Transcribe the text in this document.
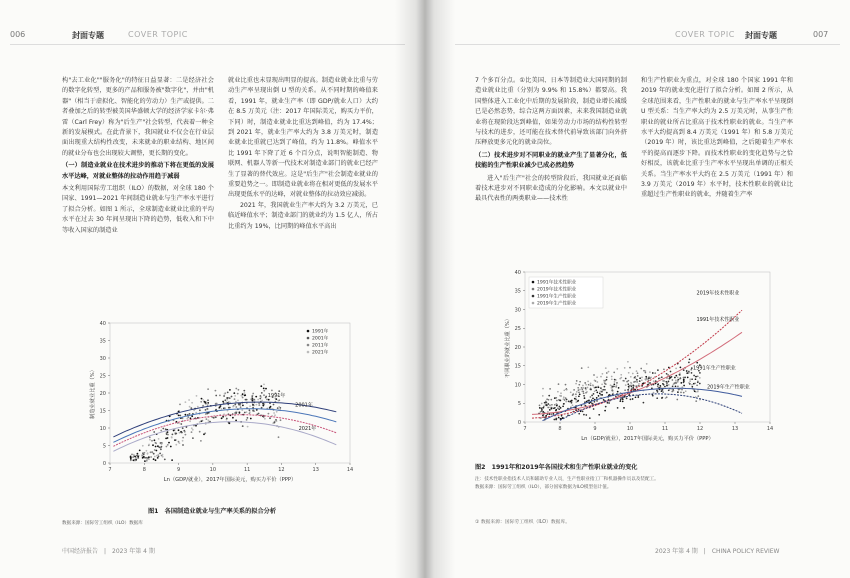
006	封面专题	COVER TOPIC

构"去工业化""服务化"的特征日益显著：二是经济社会的数字化转型，更多的产品和服务被"数字化"，并由"机器"（相当于虚拟化、智能化的劳动力）生产或提供。二者叠加之后的转型被美国华盛顿大学的经济学家卡尔·弗雷（Carl Frey）称为"后生产"社会转型，代表着一种全新的发展模式。在此背景下，我国就业不仅会在行业层面出现重大结构性改变，未来就业的职业结构、地区间的就业分布也会出现较大调整，更长期的变化。

（一）制造业就业在技术进步的推动下将在更低的发展水平达峰，对就业整体的拉动作用趋于减弱

本文利用国际劳工组织（ILO）的数据，对全球 180 个国家、1991—2021 年间制造业就业与生产率水平进行了拟合分析。如图 1 所示，全球制造业就业比重的平均水平在过去 30 年间呈现出下降的趋势，低收入和下中等收入国家的制造业

就业比重也未显现出明显的提高。制造业就业比重与劳动生产率呈现出倒 U 型的关系。从不同时期的峰值来看，1991 年，就业生产率（即 GDP/就业人口）大约在 8.5 万美元（注：2017 年国际美元，购买力平价，下同）时，制造业就业比重达到峰值，约为 17.4%；到 2021 年，就业生产率大约为 3.8 万美元时，制造业就业比重就已达到了峰值，约为 11.8%。峰值水平比 1991 年下降了近 6 个百分点，说明智能制造、物联网、机器人等新一代技术对制造业部门的就业已经产生了显著的替代效应。这是"后生产"社会制造业就业的重要趋势之一。即制造业就业将在相对更低的发展水平出现更低水平的达峰，对就业整体的拉动效应减弱。

2021 年，我国就业生产率大约为 3.2 万美元，已临近峰值水平；制造业部门的就业约为 1.5 亿人，所占比重约为 19%，比同期的峰值水平高出

7	8	9	10	11	12	13	14
0
5
10
15
20
25
30
35
40
Ln（GDP/就业），2017年国际美元，购买力平价（PPP）
制造业就业比重（%）	1991年
2001年
2021年
1991年
2001年
2011年
2021年
图1　各国制造业就业与生产率关系的拟合分析
数据来源：国际劳工组织（ILO）数据库
中国经济报告　|　2023 年第 4 期
COVER TOPIC 封面专题	007

7 个多百分点。①比美国、日本等制造业大国同期的制造业就业比重（分别为 9.9% 和 15.8%）都要高。我国整体进入工业化中后期的发展阶段，制造业增长减缓已是必然态势，综合这两方面因素，未来我国制造业就业将在现阶段达到峰值，如果劳动力市场的结构性转型与技术的进步，还可能在技术替代前导致该部门向外挤压释放更多元化的就业岗位。

（二）技术进步对不同职业的就业产生了显著分化，低技能的生产性职业减少已成必然趋势

进入"后生产"社会的转型阶段后，我国就业还面临着技术进步对不同职业造成的分化影响。本文以就业中最具代表性的两类职业——技术性

和生产性职业为重点，对全球 180 个国家 1991 年和 2019 年的就业变化进行了拟合分析。如图 2 所示，从全球范围来看，生产性职业的就业与生产率水平呈现倒 U 型关系：当生产率大约为 2.5 万美元时，从事生产性职业的就业所占比重高于技术性职业的就业。当生产率水平大约提高到 8.4 万美元（1991 年）和 5.8 万美元（2019 年）时，该比重达到峰值，之后随着生产率水平的提高而逐步下降。而技术性职业的变化趋势与之恰好相反，该就业比重于生产率水平呈现出单调的正相关关系。当生产率水平大约在 2.5 万美元（1991 年）和 3.9 万美元（2019 年）水平时，技术性职业的就业比重超过生产性职业的就业，并随着生产率

7	8	9	10	11	12	13	14
0
5
10
15
20
25
30
35
40
Ln（GDP/就业），2017年国际美元，购买力平价（PPP）
不同职业的就业比重（%）
2019年技术性职业
1991年技术性职业
1991年生产性职业
2019年生产性职业
1991年技术性职业
2019年技术性职业
1991年生产性职业
2019年生产性职业
图2　1991年和2019年各国技术和生产性职业就业的变化
注：技术性职业指技术人员和辅助专业人员，生产性职业指工厂和机器操作员以及装配工。
数据来源：国际劳工组织（ILO），部分国家数据为ILO模型估计值。
① 数据来源：国际劳工组织（ILO）数据库。
2023 年第 4 期　|　CHINA POLICY REVIEW
